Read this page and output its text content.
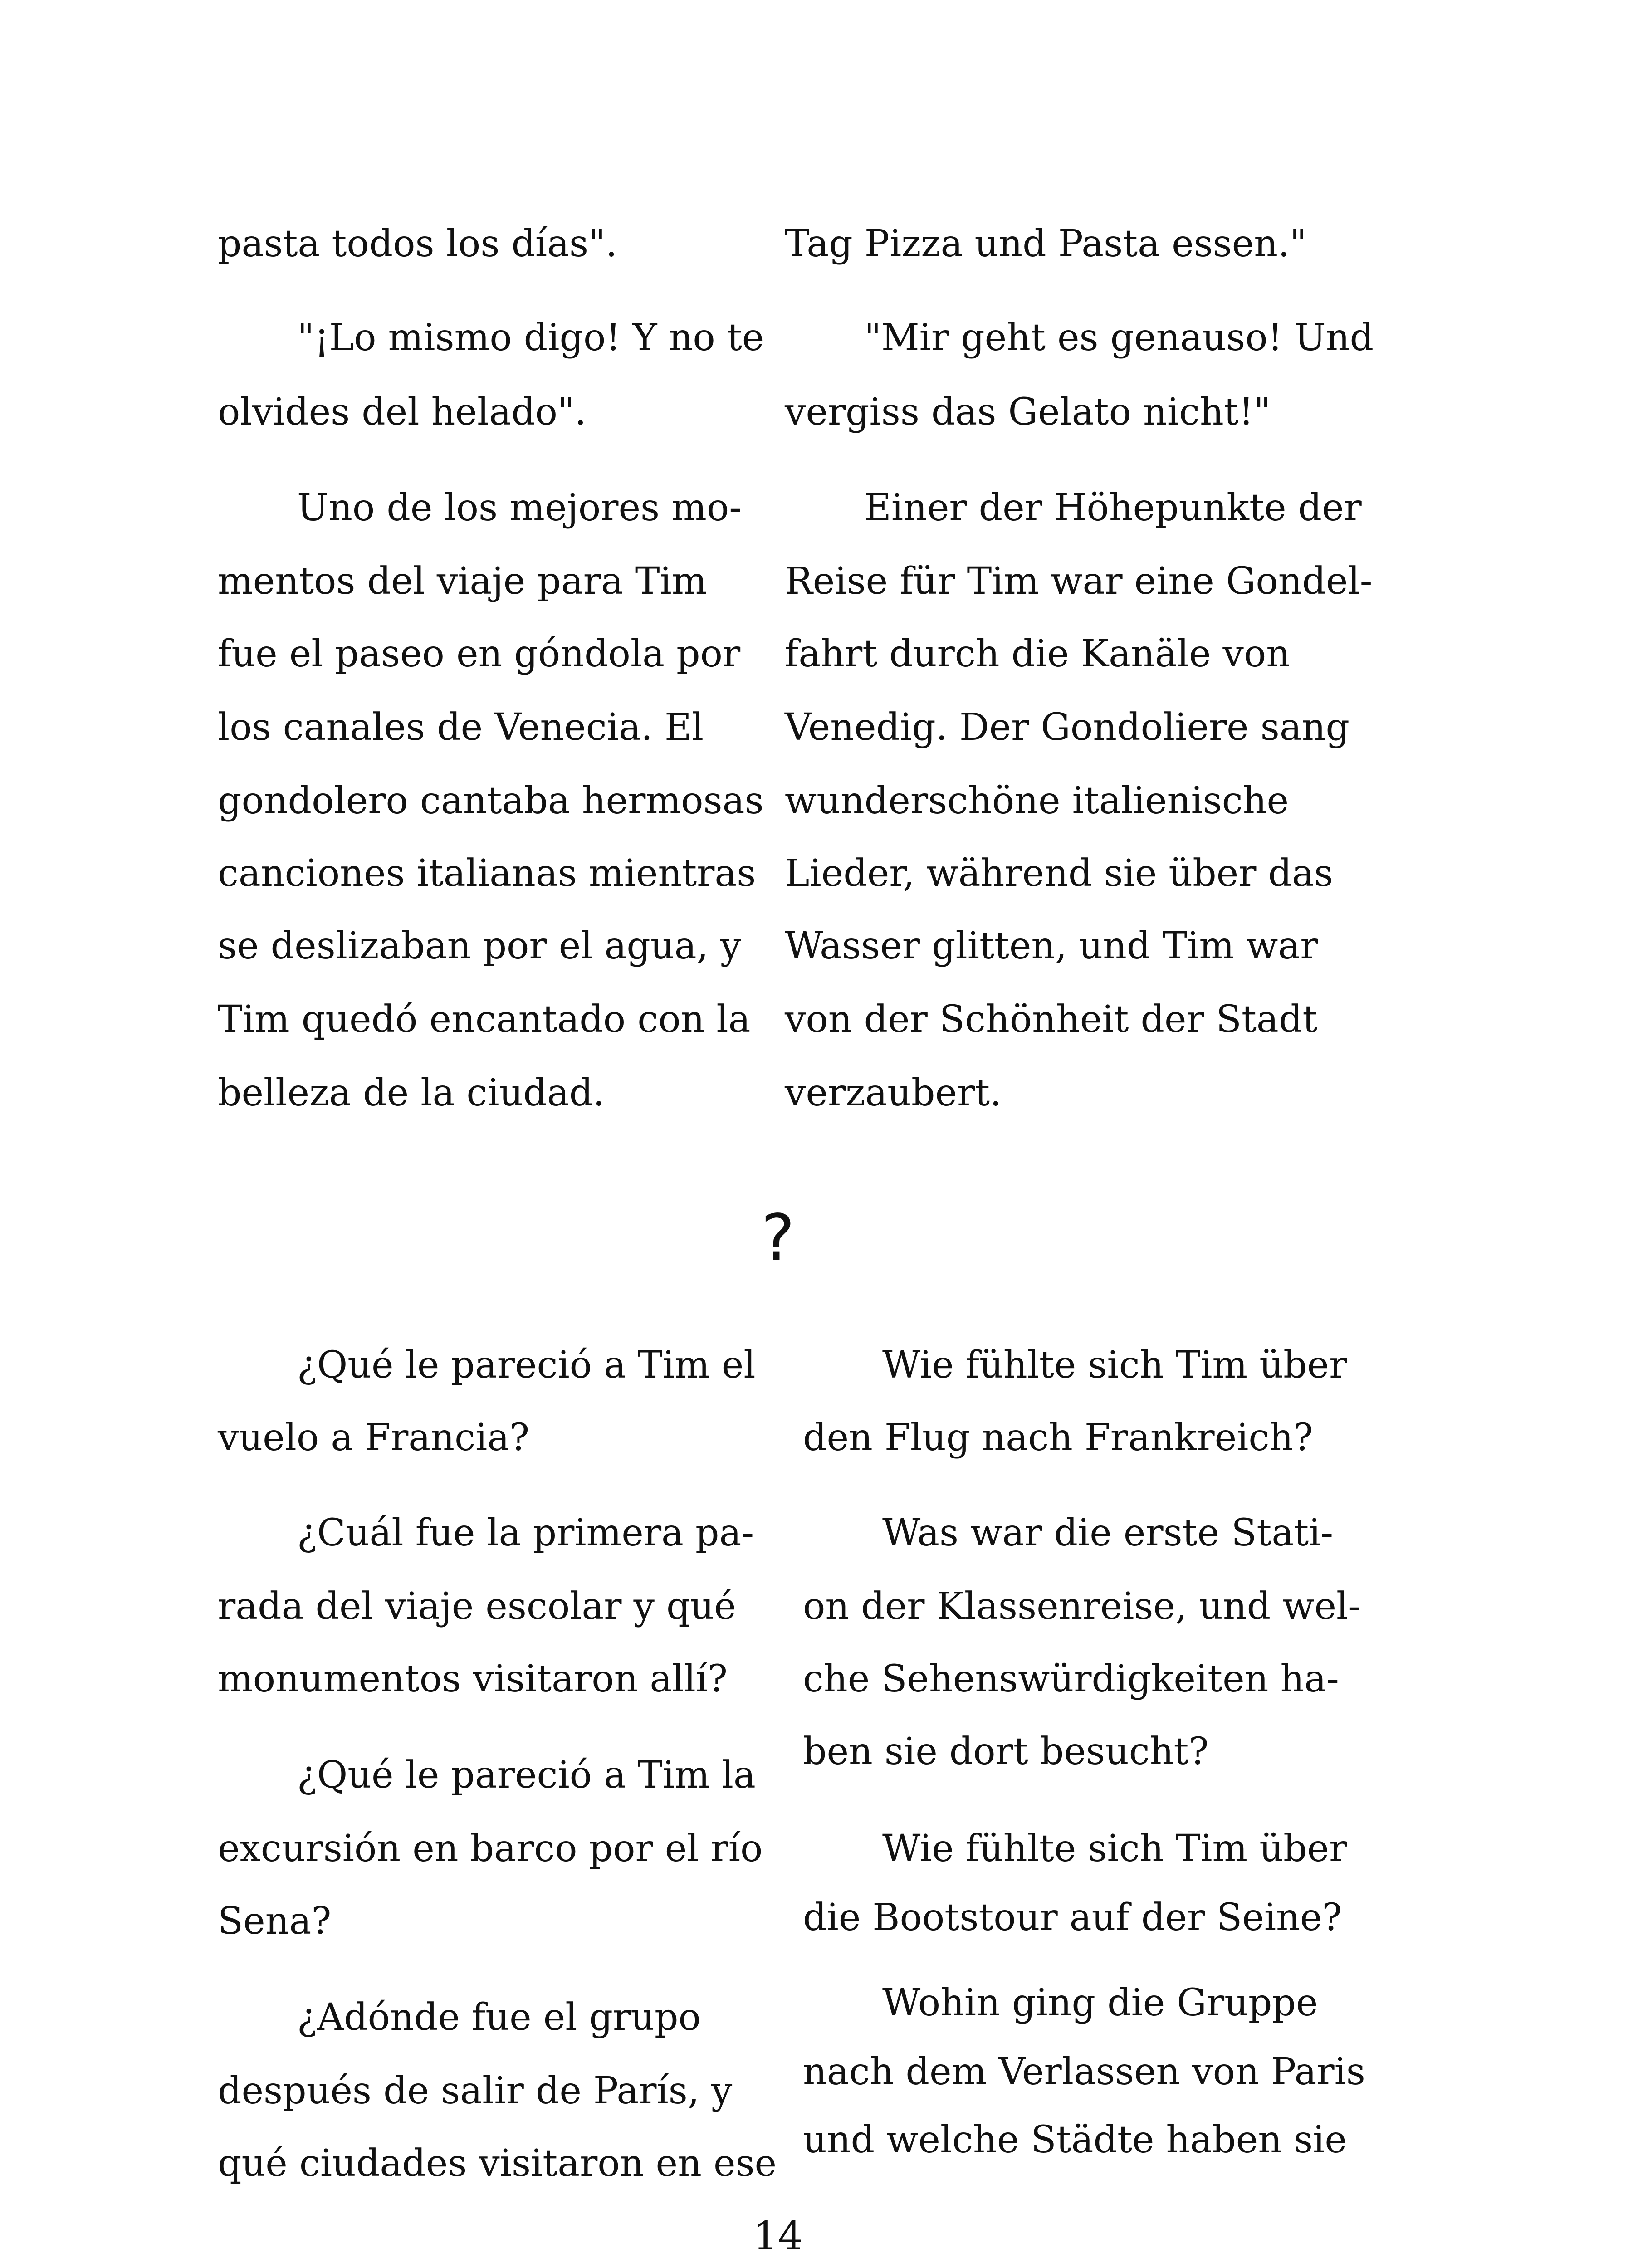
pasta todos los días".
"¡Lo mismo digo! Y no te
olvides del helado".
Uno de los mejores mo-
mentos del viaje para Tim
fue el paseo en góndola por
los canales de Venecia. El
gondolero cantaba hermosas
canciones italianas mientras
se deslizaban por el agua, y
Tim quedó encantado con la
belleza de la ciudad.
Tag Pizza und Pasta essen."
"Mir geht es genauso! Und
vergiss das Gelato nicht!"
Einer der Höhepunkte der
Reise für Tim war eine Gondel-
fahrt durch die Kanäle von
Venedig. Der Gondoliere sang
wunderschöne italienische
Lieder, während sie über das
Wasser glitten, und Tim war
von der Schönheit der Stadt
verzaubert.
?
¿Qué le pareció a Tim el
vuelo a Francia?
¿Cuál fue la primera pa-
rada del viaje escolar y qué
monumentos visitaron allí?
¿Qué le pareció a Tim la
excursión en barco por el río
Sena?
¿Adónde fue el grupo
después de salir de París, y
qué ciudades visitaron en ese
Wie fühlte sich Tim über
den Flug nach Frankreich?
Was war die erste Stati-
on der Klassenreise, und wel-
che Sehenswürdigkeiten ha-
ben sie dort besucht?
Wie fühlte sich Tim über
die Bootstour auf der Seine?
Wohin ging die Gruppe
nach dem Verlassen von Paris
und welche Städte haben sie
14
